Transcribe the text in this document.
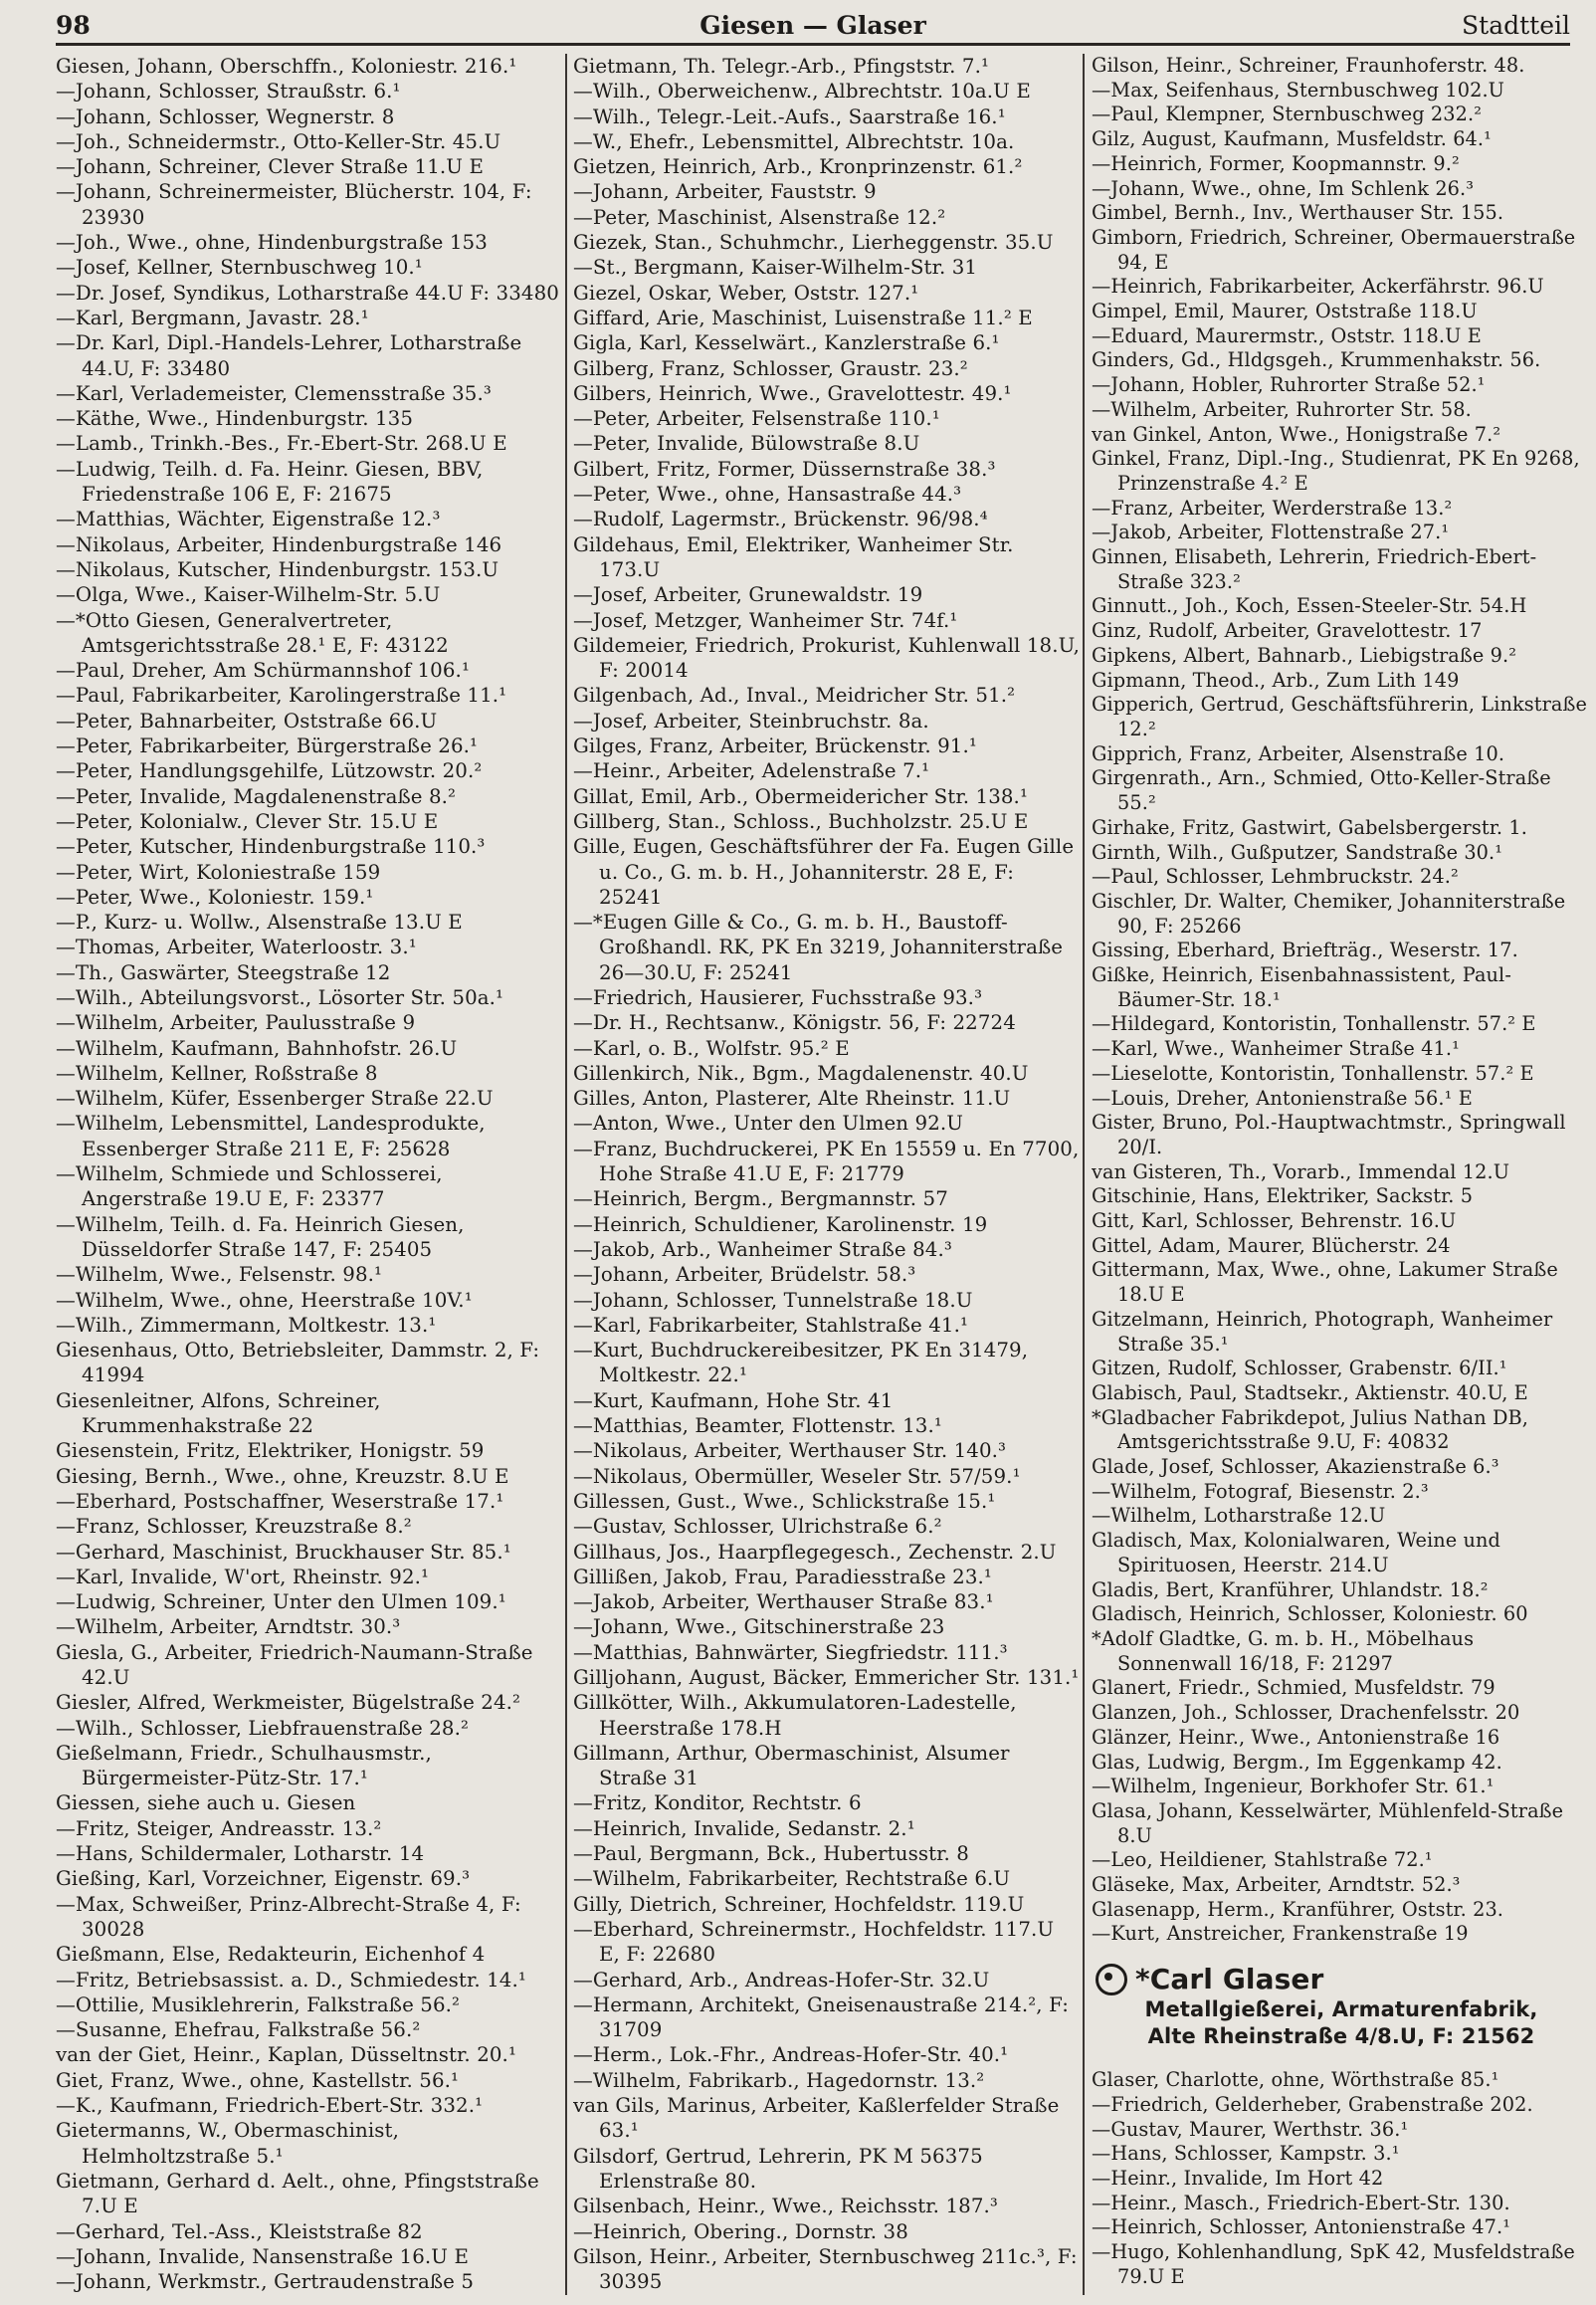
98	Giesen — Glaser	Stadtteil

Giesen, Johann, Oberschffn., Koloniestr. 216.¹

—Johann, Schlosser, Straußstr. 6.¹

—Johann, Schlosser, Wegnerstr. 8

—Joh., Schneidermstr., Otto-Keller-Str. 45.U

—Johann, Schreiner, Clever Straße 11.U E

—Johann, Schreinermeister, Blücherstr. 104, F: 23930

—Joh., Wwe., ohne, Hindenburgstraße 153

—Josef, Kellner, Sternbuschweg 10.¹

—Dr. Josef, Syndikus, Lotharstraße 44.U F: 33480

—Karl, Bergmann, Javastr. 28.¹

—Dr. Karl, Dipl.-Handels-Lehrer, Lotharstraße 44.U, F: 33480

—Karl, Verlademeister, Clemensstraße 35.³

—Käthe, Wwe., Hindenburgstr. 135

—Lamb., Trinkh.-Bes., Fr.-Ebert-Str. 268.U E

—Ludwig, Teilh. d. Fa. Heinr. Giesen, BBV, Friedenstraße 106 E, F: 21675

—Matthias, Wächter, Eigenstraße 12.³

—Nikolaus, Arbeiter, Hindenburgstraße 146

—Nikolaus, Kutscher, Hindenburgstr. 153.U

—Olga, Wwe., Kaiser-Wilhelm-Str. 5.U

—*Otto Giesen, Generalvertreter, Amtsgerichtsstraße 28.¹ E, F: 43122

—Paul, Dreher, Am Schürmannshof 106.¹

—Paul, Fabrikarbeiter, Karolingerstraße 11.¹

—Peter, Bahnarbeiter, Oststraße 66.U

—Peter, Fabrikarbeiter, Bürgerstraße 26.¹

—Peter, Handlungsgehilfe, Lützowstr. 20.²

—Peter, Invalide, Magdalenenstraße 8.²

—Peter, Kolonialw., Clever Str. 15.U E

—Peter, Kutscher, Hindenburgstraße 110.³

—Peter, Wirt, Koloniestraße 159

—Peter, Wwe., Koloniestr. 159.¹

—P., Kurz- u. Wollw., Alsenstraße 13.U E

—Thomas, Arbeiter, Waterloostr. 3.¹

—Th., Gaswärter, Steegstraße 12

—Wilh., Abteilungsvorst., Lösorter Str. 50a.¹

—Wilhelm, Arbeiter, Paulusstraße 9

—Wilhelm, Kaufmann, Bahnhofstr. 26.U

—Wilhelm, Kellner, Roßstraße 8

—Wilhelm, Küfer, Essenberger Straße 22.U

—Wilhelm, Lebensmittel, Landesprodukte, Essenberger Straße 211 E, F: 25628

—Wilhelm, Schmiede und Schlosserei, Angerstraße 19.U E, F: 23377

—Wilhelm, Teilh. d. Fa. Heinrich Giesen, Düsseldorfer Straße 147, F: 25405

—Wilhelm, Wwe., Felsenstr. 98.¹

—Wilhelm, Wwe., ohne, Heerstraße 10V.¹

—Wilh., Zimmermann, Moltkestr. 13.¹

Giesenhaus, Otto, Betriebsleiter, Dammstr. 2, F: 41994

Giesenleitner, Alfons, Schreiner, Krummenhakstraße 22

Giesenstein, Fritz, Elektriker, Honigstr. 59

Giesing, Bernh., Wwe., ohne, Kreuzstr. 8.U E

—Eberhard, Postschaffner, Weserstraße 17.¹

—Franz, Schlosser, Kreuzstraße 8.²

—Gerhard, Maschinist, Bruckhauser Str. 85.¹

—Karl, Invalide, W'ort, Rheinstr. 92.¹

—Ludwig, Schreiner, Unter den Ulmen 109.¹

—Wilhelm, Arbeiter, Arndtstr. 30.³

Giesla, G., Arbeiter, Friedrich-Naumann-Straße 42.U

Giesler, Alfred, Werkmeister, Bügelstraße 24.²

—Wilh., Schlosser, Liebfrauenstraße 28.²

Gießelmann, Friedr., Schulhausmstr., Bürgermeister-Pütz-Str. 17.¹

Giessen, siehe auch u. Giesen

—Fritz, Steiger, Andreasstr. 13.²

—Hans, Schildermaler, Lotharstr. 14

Gießing, Karl, Vorzeichner, Eigenstr. 69.³

—Max, Schweißer, Prinz-Albrecht-Straße 4, F: 30028

Gießmann, Else, Redakteurin, Eichenhof 4

—Fritz, Betriebsassist. a. D., Schmiedestr. 14.¹

—Ottilie, Musiklehrerin, Falkstraße 56.²

—Susanne, Ehefrau, Falkstraße 56.²

van der Giet, Heinr., Kaplan, Düsseltnstr. 20.¹

Giet, Franz, Wwe., ohne, Kastellstr. 56.¹

—K., Kaufmann, Friedrich-Ebert-Str. 332.¹

Gietermanns, W., Obermaschinist, Helmholtzstraße 5.¹

Gietmann, Gerhard d. Aelt., ohne, Pfingststraße 7.U E

—Gerhard, Tel.-Ass., Kleiststraße 82

—Johann, Invalide, Nansenstraße 16.U E

—Johann, Werkmstr., Gertraudenstraße 5

Gietmann, Th. Telegr.-Arb., Pfingststr. 7.¹

—Wilh., Oberweichenw., Albrechtstr. 10a.U E

—Wilh., Telegr.-Leit.-Aufs., Saarstraße 16.¹

—W., Ehefr., Lebensmittel, Albrechtstr. 10a.

Gietzen, Heinrich, Arb., Kronprinzenstr. 61.²

—Johann, Arbeiter, Fauststr. 9

—Peter, Maschinist, Alsenstraße 12.²

Giezek, Stan., Schuhmchr., Lierheggenstr. 35.U

—St., Bergmann, Kaiser-Wilhelm-Str. 31

Giezel, Oskar, Weber, Oststr. 127.¹

Giffard, Arie, Maschinist, Luisenstraße 11.² E

Gigla, Karl, Kesselwärt., Kanzlerstraße 6.¹

Gilberg, Franz, Schlosser, Graustr. 23.²

Gilbers, Heinrich, Wwe., Gravelottestr. 49.¹

—Peter, Arbeiter, Felsenstraße 110.¹

—Peter, Invalide, Bülowstraße 8.U

Gilbert, Fritz, Former, Düssernstraße 38.³

—Peter, Wwe., ohne, Hansastraße 44.³

—Rudolf, Lagermstr., Brückenstr. 96/98.⁴

Gildehaus, Emil, Elektriker, Wanheimer Str. 173.U

—Josef, Arbeiter, Grunewaldstr. 19

—Josef, Metzger, Wanheimer Str. 74f.¹

Gildemeier, Friedrich, Prokurist, Kuhlenwall 18.U, F: 20014

Gilgenbach, Ad., Inval., Meidricher Str. 51.²

—Josef, Arbeiter, Steinbruchstr. 8a.

Gilges, Franz, Arbeiter, Brückenstr. 91.¹

—Heinr., Arbeiter, Adelenstraße 7.¹

Gillat, Emil, Arb., Obermeidericher Str. 138.¹

Gillberg, Stan., Schloss., Buchholzstr. 25.U E

Gille, Eugen, Geschäftsführer der Fa. Eugen Gille u. Co., G. m. b. H., Johanniterstr. 28 E, F: 25241

—*Eugen Gille & Co., G. m. b. H., Baustoff-Großhandl. RK, PK En 3219, Johanniterstraße 26—30.U, F: 25241

—Friedrich, Hausierer, Fuchsstraße 93.³

—Dr. H., Rechtsanw., Königstr. 56, F: 22724

—Karl, o. B., Wolfstr. 95.² E

Gillenkirch, Nik., Bgm., Magdalenenstr. 40.U

Gilles, Anton, Plasterer, Alte Rheinstr. 11.U

—Anton, Wwe., Unter den Ulmen 92.U

—Franz, Buchdruckerei, PK En 15559 u. En 7700, Hohe Straße 41.U E, F: 21779

—Heinrich, Bergm., Bergmannstr. 57

—Heinrich, Schuldiener, Karolinenstr. 19

—Jakob, Arb., Wanheimer Straße 84.³

—Johann, Arbeiter, Brüdelstr. 58.³

—Johann, Schlosser, Tunnelstraße 18.U

—Karl, Fabrikarbeiter, Stahlstraße 41.¹

—Kurt, Buchdruckereibesitzer, PK En 31479, Moltkestr. 22.¹

—Kurt, Kaufmann, Hohe Str. 41

—Matthias, Beamter, Flottenstr. 13.¹

—Nikolaus, Arbeiter, Werthauser Str. 140.³

—Nikolaus, Obermüller, Weseler Str. 57/59.¹

Gillessen, Gust., Wwe., Schlickstraße 15.¹

—Gustav, Schlosser, Ulrichstraße 6.²

Gillhaus, Jos., Haarpflegegesch., Zechenstr. 2.U

Gillißen, Jakob, Frau, Paradiesstraße 23.¹

—Jakob, Arbeiter, Werthauser Straße 83.¹

—Johann, Wwe., Gitschinerstraße 23

—Matthias, Bahnwärter, Siegfriedstr. 111.³

Gilljohann, August, Bäcker, Emmericher Str. 131.¹

Gillkötter, Wilh., Akkumulatoren-Ladestelle, Heerstraße 178.H

Gillmann, Arthur, Obermaschinist, Alsumer Straße 31

—Fritz, Konditor, Rechtstr. 6

—Heinrich, Invalide, Sedanstr. 2.¹

—Paul, Bergmann, Bck., Hubertusstr. 8

—Wilhelm, Fabrikarbeiter, Rechtstraße 6.U

Gilly, Dietrich, Schreiner, Hochfeldstr. 119.U

—Eberhard, Schreinermstr., Hochfeldstr. 117.U E, F: 22680

—Gerhard, Arb., Andreas-Hofer-Str. 32.U

—Hermann, Architekt, Gneisenaustraße 214.², F: 31709

—Herm., Lok.-Fhr., Andreas-Hofer-Str. 40.¹

—Wilhelm, Fabrikarb., Hagedornstr. 13.²

van Gils, Marinus, Arbeiter, Kaßlerfelder Straße 63.¹

Gilsdorf, Gertrud, Lehrerin, PK M 56375 Erlenstraße 80.

Gilsenbach, Heinr., Wwe., Reichsstr. 187.³

—Heinrich, Obering., Dornstr. 38

Gilson, Heinr., Arbeiter, Sternbuschweg 211c.³, F: 30395

Gilson, Heinr., Schreiner, Fraunhoferstr. 48.

—Max, Seifenhaus, Sternbuschweg 102.U

—Paul, Klempner, Sternbuschweg 232.²

Gilz, August, Kaufmann, Musfeldstr. 64.¹

—Heinrich, Former, Koopmannstr. 9.²

—Johann, Wwe., ohne, Im Schlenk 26.³

Gimbel, Bernh., Inv., Werthauser Str. 155.

Gimborn, Friedrich, Schreiner, Obermauerstraße 94, E

—Heinrich, Fabrikarbeiter, Ackerfährstr. 96.U

Gimpel, Emil, Maurer, Oststraße 118.U

—Eduard, Maurermstr., Oststr. 118.U E

Ginders, Gd., Hldgsgeh., Krummenhakstr. 56.

—Johann, Hobler, Ruhrorter Straße 52.¹

—Wilhelm, Arbeiter, Ruhrorter Str. 58.

van Ginkel, Anton, Wwe., Honigstraße 7.²

Ginkel, Franz, Dipl.-Ing., Studienrat, PK En 9268, Prinzenstraße 4.² E

—Franz, Arbeiter, Werderstraße 13.²

—Jakob, Arbeiter, Flottenstraße 27.¹

Ginnen, Elisabeth, Lehrerin, Friedrich-Ebert-Straße 323.²

Ginnutt., Joh., Koch, Essen-Steeler-Str. 54.H

Ginz, Rudolf, Arbeiter, Gravelottestr. 17

Gipkens, Albert, Bahnarb., Liebigstraße 9.²

Gipmann, Theod., Arb., Zum Lith 149

Gipperich, Gertrud, Geschäftsführerin, Linkstraße 12.²

Gipprich, Franz, Arbeiter, Alsenstraße 10.

Girgenrath., Arn., Schmied, Otto-Keller-Straße 55.²

Girhake, Fritz, Gastwirt, Gabelsbergerstr. 1.

Girnth, Wilh., Gußputzer, Sandstraße 30.¹

—Paul, Schlosser, Lehmbruckstr. 24.²

Gischler, Dr. Walter, Chemiker, Johanniterstraße 90, F: 25266

Gissing, Eberhard, Briefträg., Weserstr. 17.

Gißke, Heinrich, Eisenbahnassistent, Paul-Bäumer-Str. 18.¹

—Hildegard, Kontoristin, Tonhallenstr. 57.² E

—Karl, Wwe., Wanheimer Straße 41.¹

—Lieselotte, Kontoristin, Tonhallenstr. 57.² E

—Louis, Dreher, Antonienstraße 56.¹ E

Gister, Bruno, Pol.-Hauptwachtmstr., Springwall 20/I.

van Gisteren, Th., Vorarb., Immendal 12.U

Gitschinie, Hans, Elektriker, Sackstr. 5

Gitt, Karl, Schlosser, Behrenstr. 16.U

Gittel, Adam, Maurer, Blücherstr. 24

Gittermann, Max, Wwe., ohne, Lakumer Straße 18.U E

Gitzelmann, Heinrich, Photograph, Wanheimer Straße 35.¹

Gitzen, Rudolf, Schlosser, Grabenstr. 6/II.¹

Glabisch, Paul, Stadtsekr., Aktienstr. 40.U, E

*Gladbacher Fabrikdepot, Julius Nathan DB, Amtsgerichtsstraße 9.U, F: 40832

Glade, Josef, Schlosser, Akazienstraße 6.³

—Wilhelm, Fotograf, Biesenstr. 2.³

—Wilhelm, Lotharstraße 12.U

Gladisch, Max, Kolonialwaren, Weine und Spirituosen, Heerstr. 214.U

Gladis, Bert, Kranführer, Uhlandstr. 18.²

Gladisch, Heinrich, Schlosser, Koloniestr. 60

*Adolf Gladtke, G. m. b. H., Möbelhaus Sonnenwall 16/18, F: 21297

Glanert, Friedr., Schmied, Musfeldstr. 79

Glanzen, Joh., Schlosser, Drachenfelsstr. 20

Glänzer, Heinr., Wwe., Antonienstraße 16

Glas, Ludwig, Bergm., Im Eggenkamp 42.

—Wilhelm, Ingenieur, Borkhofer Str. 61.¹

Glasa, Johann, Kesselwärter, Mühlenfeld-Straße 8.U

—Leo, Heildiener, Stahlstraße 72.¹

Gläseke, Max, Arbeiter, Arndtstr. 52.³

Glasenapp, Herm., Kranführer, Oststr. 23.

—Kurt, Anstreicher, Frankenstraße 19

*Carl Glaser
Metallgießerei, Armaturenfabrik,
Alte Rheinstraße 4/8.U, F: 21562

Glaser, Charlotte, ohne, Wörthstraße 85.¹

—Friedrich, Gelderheber, Grabenstraße 202.

—Gustav, Maurer, Werthstr. 36.¹

—Hans, Schlosser, Kampstr. 3.¹

—Heinr., Invalide, Im Hort 42

—Heinr., Masch., Friedrich-Ebert-Str. 130.

—Heinrich, Schlosser, Antonienstraße 47.¹

—Hugo, Kohlenhandlung, SpK 42, Musfeldstraße 79.U E
